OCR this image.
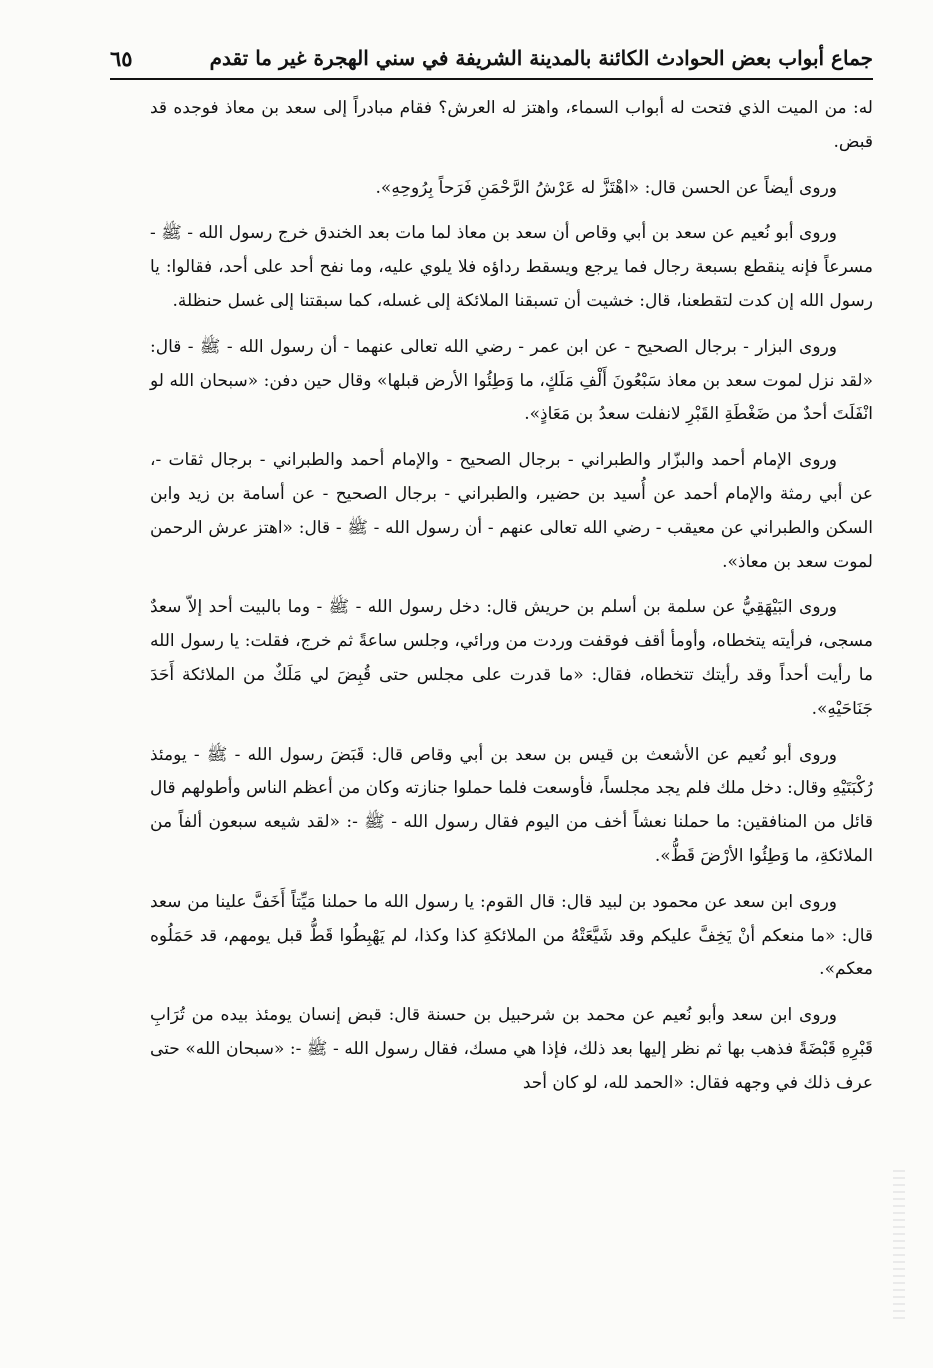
جماع أبواب بعض الحوادث الكائنة بالمدينة الشريفة في سني الهجرة غير ما تقدم
٦٥

له: من الميت الذي فتحت له أبواب السماء، واهتز له العرش؟ فقام مبادراً إلى سعد بن معاذ فوجده قد قبض.

وروى أيضاً عن الحسن قال: «اهْتَزَّ له عَرْشُ الرَّحْمَنِ فَرَحاً بِرُوحِهِ».

وروى أبو نُعيم عن سعد بن أبي وقاص أن سعد بن معاذ لما مات بعد الخندق خرج رسول الله - ﷺ - مسرعاً فإنه ينقطع بسبعة رجال فما يرجع ويسقط رداؤه فلا يلوي عليه، وما نفح أحد على أحد، فقالوا: يا رسول الله إن كدت لتقطعنا، قال: خشيت أن تسبقنا الملائكة إلى غسله، كما سبقتنا إلى غسل حنظلة.

وروى البزار - برجال الصحيح - عن ابن عمر - رضي الله تعالى عنهما - أن رسول الله - ﷺ - قال: «لقد نزل لموت سعد بن معاذ سَبْعُونَ أَلْفِ مَلَكٍ، ما وَطِئُوا الأرض قبلها» وقال حين دفن: «سبحان الله لو انْفَلَتَ أحدٌ من ضَغْطَةِ القَبْرِ لانفلت سعدُ بن مَعَاذٍ».

وروى الإمام أحمد والبزّار والطبراني - برجال الصحيح - والإمام أحمد والطبراني - برجال ثقات -، عن أبي رمثة والإمام أحمد عن أُسيد بن حضير، والطبراني - برجال الصحيح - عن أسامة بن زيد وابن السكن والطبراني عن معيقب - رضي الله تعالى عنهم - أن رسول الله - ﷺ - قال: «اهتز عرش الرحمن لموت سعد بن معاذ».

وروى البَيْهَقِيُّ عن سلمة بن أسلم بن حريش قال: دخل رسول الله - ﷺ - وما بالبيت أحد إلاّ سعدٌ مسجى، فرأيته يتخطاه، وأومأ أقف فوقفت وردت من ورائي، وجلس ساعةً ثم خرج، فقلت: يا رسول الله ما رأيت أحداً وقد رأيتك تتخطاه، فقال: «ما قدرت على مجلس حتى قُبِضَ لي مَلَكٌ من الملائكة أَحَدَ جَنَاحَيْهِ».

وروى أبو نُعيم عن الأشعث بن قيس بن سعد بن أبي وقاص قال: قَبَضَ رسول الله - ﷺ - يومئذ رُكْبَتَيْهِ وقال: دخل ملك فلم يجد مجلساً، فأوسعت فلما حملوا جنازته وكان من أعظم الناس وأطولهم قال قائل من المنافقين: ما حملنا نعشاً أخف من اليوم فقال رسول الله - ﷺ -: «لقد شيعه سبعون ألفاً من الملائكةِ، ما وَطِئُوا الأرْضَ قَطُّ».

وروى ابن سعد عن محمود بن لبيد قال: قال القوم: يا رسول الله ما حملنا مَيِّتاً أَخَفَّ علينا من سعد قال: «ما منعكم أنْ يَخِفَّ عليكم وقد شَيَّعَتْهُ من الملائكةِ كذا وكذا، لم يَهْبِطُوا قَطُّ قبل يومهم، قد حَمَلُوه معكم».

وروى ابن سعد وأبو نُعيم عن محمد بن شرحبيل بن حسنة قال: قبض إنسان يومئذ بيده من تُرَابِ قَبْرِهِ قَبْضَةً فذهب بها ثم نظر إليها بعد ذلك، فإذا هي مسك، فقال رسول الله - ﷺ -: «سبحان الله» حتى عرف ذلك في وجهه فقال: «الحمد لله، لو كان أحد
